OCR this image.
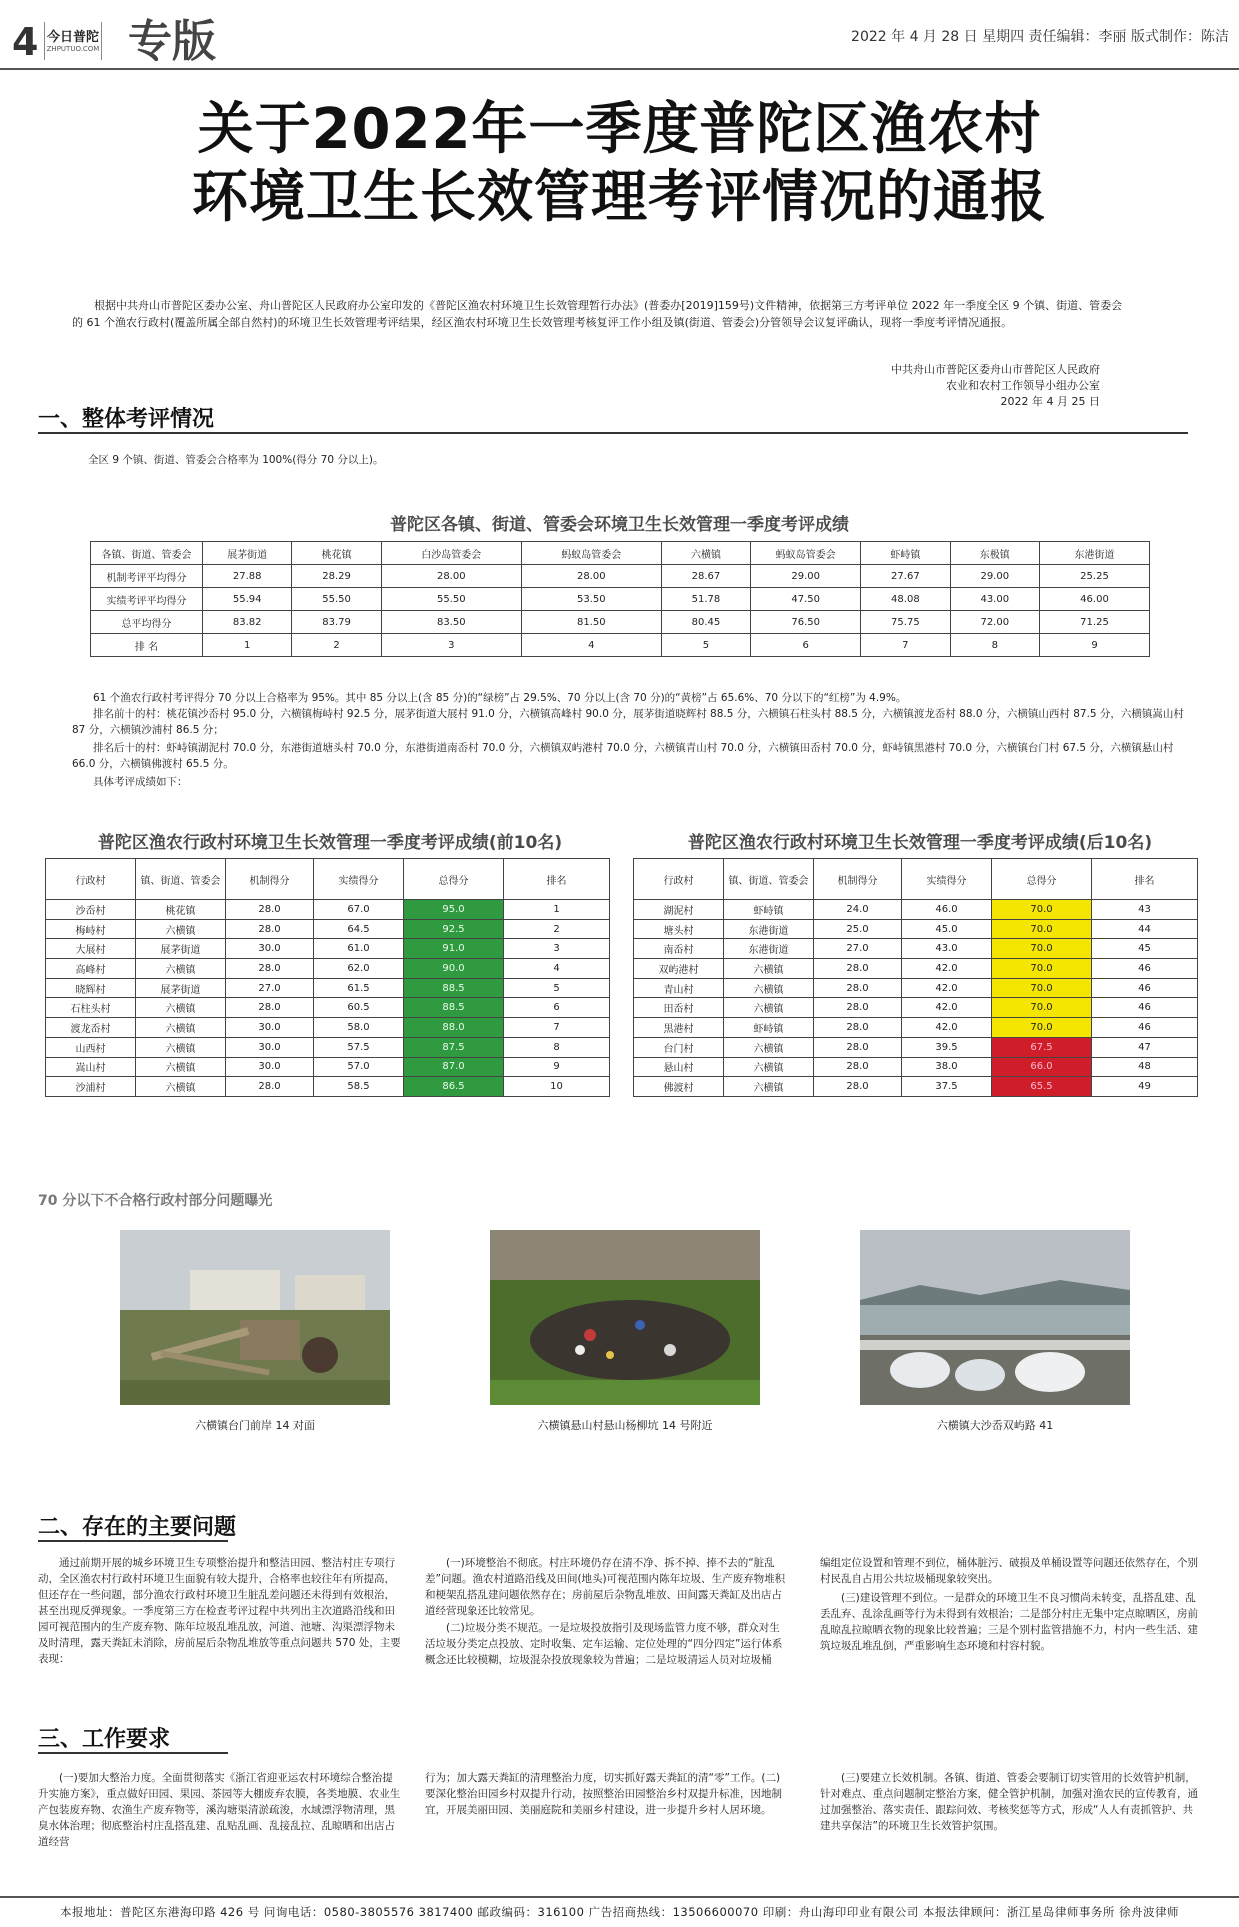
4 今日普陀
ZHPUTUO.COM 专版	2022 年 4 月 28 日 星期四 责任编辑：李丽 版式制作：陈洁
关于2022年一季度普陀区渔农村
环境卫生长效管理考评情况的通报
根据中共舟山市普陀区委办公室、舟山普陀区人民政府办公室印发的《普陀区渔农村环境卫生长效管理暂行办法》(普委办[2019]159号)文件精神，依据第三方考评单位 2022 年一季度全区 9 个镇、街道、管委会的 61 个渔农行政村(覆盖所属全部自然村)的环境卫生长效管理考评结果，经区渔农村环境卫生长效管理考核复评工作小组及镇(街道、管委会)分管领导会议复评确认，现将一季度考评情况通报。
中共舟山市普陀区委舟山市普陀区人民政府
农业和农村工作领导小组办公室
2022 年 4 月 25 日
一、整体考评情况
全区 9 个镇、街道、管委会合格率为 100%(得分 70 分以上)。
普陀区各镇、街道、管委会环境卫生长效管理一季度考评成绩
各镇、街道、管委会	展茅街道	桃花镇	白沙岛管委会	蚂蚁岛管委会	六横镇	蚂蚁岛管委会	虾峙镇	东极镇	东港街道
机制考评平均得分	27.88	28.29	28.00	28.00	28.67	29.00	27.67	29.00	25.25
实绩考评平均得分	55.94	55.50	55.50	53.50	51.78	47.50	48.08	43.00	46.00
总平均得分	83.82	83.79	83.50	81.50	80.45	76.50	75.75	72.00	71.25
排 名	1	2	3	4	5	6	7	8	9
61 个渔农行政村考评得分 70 分以上合格率为 95%。其中 85 分以上(含 85 分)的“绿榜”占 29.5%、70 分以上(含 70 分)的“黄榜”占 65.6%、70 分以下的“红榜”为 4.9%。
排名前十的村：桃花镇沙岙村 95.0 分，六横镇梅峙村 92.5 分，展茅街道大展村 91.0 分，六横镇高峰村 90.0 分，展茅街道晓辉村 88.5 分，六横镇石柱头村 88.5 分，六横镇渡龙岙村 88.0 分，六横镇山西村 87.5 分，六横镇嵩山村 87 分，六横镇沙浦村 86.5 分；
排名后十的村：虾峙镇湖泥村 70.0 分，东港街道塘头村 70.0 分，东港街道南岙村 70.0 分，六横镇双屿港村 70.0 分，六横镇青山村 70.0 分，六横镇田岙村 70.0 分，虾峙镇黒港村 70.0 分，六横镇台门村 67.5 分，六横镇悬山村 66.0 分，六横镇佛渡村 65.5 分。
具体考评成绩如下：
普陀区渔农行政村环境卫生长效管理一季度考评成绩(前10名)
行政村	镇、街道、管委会	机制得分	实绩得分	总得分	排名
沙岙村	桃花镇	28.0	67.0	95.0	1
梅峙村	六横镇	28.0	64.5	92.5	2
大展村	展茅街道	30.0	61.0	91.0	3
高峰村	六横镇	28.0	62.0	90.0	4
晓辉村	展茅街道	27.0	61.5	88.5	5
石柱头村	六横镇	28.0	60.5	88.5	6
渡龙岙村	六横镇	30.0	58.0	88.0	7
山西村	六横镇	30.0	57.5	87.5	8
嵩山村	六横镇	30.0	57.0	87.0	9
沙浦村	六横镇	28.0	58.5	86.5	10
普陀区渔农行政村环境卫生长效管理一季度考评成绩(后10名)
行政村	镇、街道、管委会	机制得分	实绩得分	总得分	排名
湖泥村	虾峙镇	24.0	46.0	70.0	43
塘头村	东港街道	25.0	45.0	70.0	44
南岙村	东港街道	27.0	43.0	70.0	45
双屿港村	六横镇	28.0	42.0	70.0	46
青山村	六横镇	28.0	42.0	70.0	46
田岙村	六横镇	28.0	42.0	70.0	46
黒港村	虾峙镇	28.0	42.0	70.0	46
台门村	六横镇	28.0	39.5	67.5	47
悬山村	六横镇	28.0	38.0	66.0	48
佛渡村	六横镇	28.0	37.5	65.5	49
70 分以下不合格行政村部分问题曝光
六横镇台门前岸 14 对面	六横镇悬山村悬山杨柳坑 14 号附近	六横镇大沙岙双屿路 41
二、存在的主要问题
通过前期开展的城乡环境卫生专项整治提升和整洁田园、整洁村庄专项行动，全区渔农村行政村环境卫生面貌有较大提升，合格率也较往年有所提高，但还存在一些问题，部分渔农行政村环境卫生脏乱差问题还未得到有效根治，甚至出现反弹现象。一季度第三方在检查考评过程中共列出主次道路沿线和田园可视范围内的生产废弃物、陈年垃圾乱堆乱放，河道、池塘、沟渠漂浮物未及时清理，露天粪缸未消除，房前屋后杂物乱堆放等重点问题共 570 处，主要表现：
(一)环境整治不彻底。村庄环境仍存在清不净、拆不掉、捧不去的“脏乱差”问题。渔农村道路沿线及田间(地头)可视范围内陈年垃圾、生产废弃物堆积和梗架乱搭乱建问题依然存在；房前屋后杂物乱堆放、田间露天粪缸及出店占道经营现象还比较常见。
(二)垃圾分类不规范。一是垃圾投放指引及现场监管力度不够，群众对生活垃圾分类定点投放、定时收集、定车运输、定位处理的“四分四定”运行体系概念还比较模糊，垃圾混杂投放现象较为普遍；二是垃圾清运人员对垃圾桶
编组定位设置和管理不到位，桶体脏污、破损及单桶设置等问题还依然存在，个别村民乱自占用公共垃圾桶现象较突出。
(三)建设管理不到位。一是群众的环境卫生不良习惯尚未转变，乱搭乱建、乱丢乱弃、乱涂乱画等行为未得到有效根治；二是部分村庄无集中定点晾晒区，房前乱晾乱拉晾晒衣物的现象比较普遍；三是个别村监管措施不力，村内一些生活、建筑垃圾乱堆乱倒，严重影响生态环境和村容村貌。
三、工作要求
(一)要加大整治力度。全面贯彻落实《浙江省迎亚运农村环境综合整治提升实施方案》，重点做好田园、果园、茶园等大棚废弃农膜，各类地膜、农业生产包装废弃物、农渔生产废弃物等，溪沟塘渠清淤疏浚，水域漂浮物清理，黑臭水体治理；彻底整治村庄乱搭乱建、乱贴乱画、乱接乱拉、乱晾晒和出店占道经营
行为；加大露天粪缸的清理整治力度，切实抓好露天粪缸的清“零”工作。(二)要深化整治田园乡村双提升行动，按照整治田园整治乡村双提升标准，因地制宜，开展美丽田园、美丽庭院和美丽乡村建设，进一步提升乡村人居环境。
(三)要建立长效机制。各镇、街道、管委会要制订切实管用的长效管护机制，针对难点、重点问题制定整治方案，健全管护机制，加强对渔农民的宣传教育，通过加强整治、落实责任、跟踪问效、考核奖惩等方式，形成“人人有责抓管护、共建共享保洁”的环境卫生长效管护氛围。
本报地址：普陀区东港海印路 426 号 问询电话：0580-3805576 3817400 邮政编码：316100 广告招商热线：13506600070 印刷：舟山海印印业有限公司 本报法律顾问：浙江星岛律师事务所 徐舟波律师
